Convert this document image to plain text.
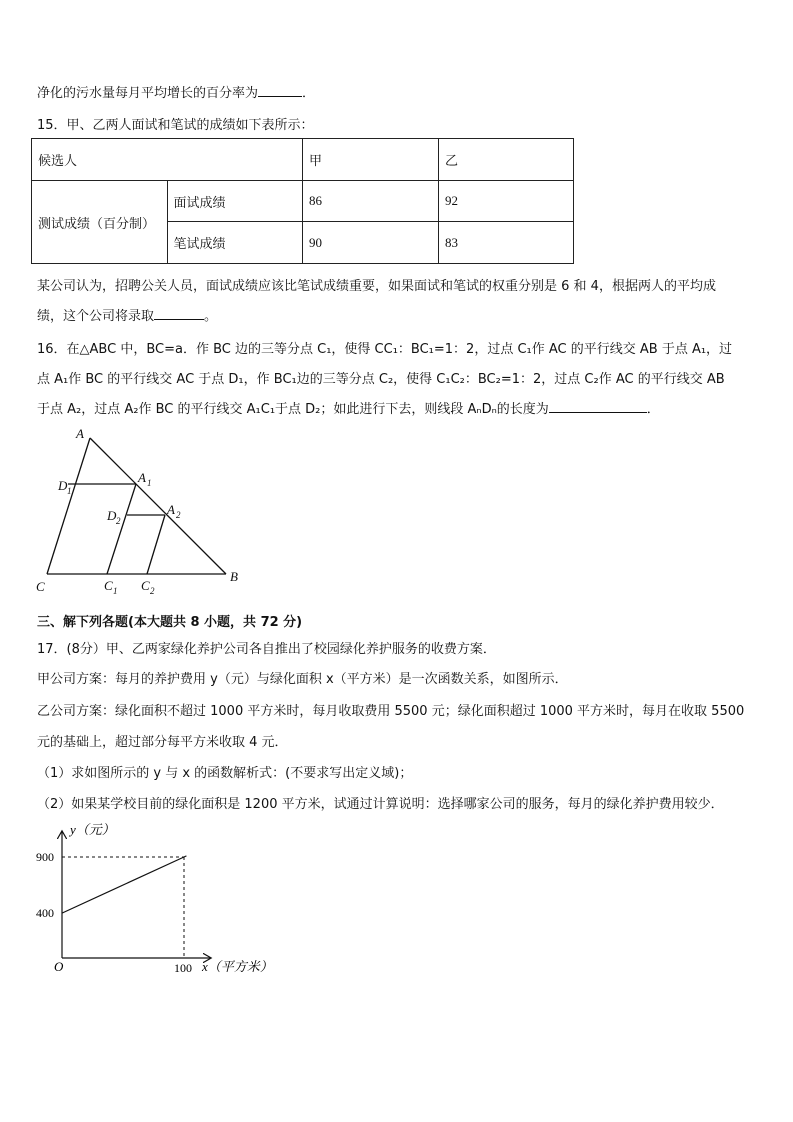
净化的污水量每月平均增长的百分率为	．
15．甲、乙两人面试和笔试的成绩如下表所示：
候选人		甲	乙
测试成绩（百分制）	面试成绩	86	92
	笔试成绩	90	83
某公司认为，招聘公关人员，面试成绩应该比笔试成绩重要，如果面试和笔试的权重分别是 6 和 4，根据两人的平均成
绩，这个公司将录取	。
16．在△ABC 中，BC=a．作 BC 边的三等分点 C₁，使得 CC₁：BC₁=1：2，过点 C₁作 AC 的平行线交 AB 于点 A₁，过
点 A₁作 BC 的平行线交 AC 于点 D₁，作 BC₁边的三等分点 C₂，使得 C₁C₂：BC₂=1：2，过点 C₂作 AC 的平行线交 AB
于点 A₂，过点 A₂作 BC 的平行线交 A₁C₁于点 D₂；如此进行下去，则线段 AₙDₙ的长度为	．
A
A 1
A 2
D 1
D 2
C	C 1 C 2
B
三、解下列各题(本大题共 8 小题，共 72 分)
17．(8分）甲、乙两家绿化养护公司各自推出了校园绿化养护服务的收费方案．
甲公司方案：每月的养护费用 y（元）与绿化面积 x（平方米）是一次函数关系，如图所示．
乙公司方案：绿化面积不超过 1000 平方米时，每月收取费用 5500 元；绿化面积超过 1000 平方米时，每月在收取 5500
元的基础上，超过部分每平方米收取 4 元．
（1）求如图所示的 y 与 x 的函数解析式：(不要求写出定义域)；
（2）如果某学校目前的绿化面积是 1200 平方米，试通过计算说明：选择哪家公司的服务，每月的绿化养护费用较少．
y（元）
x（平方米）
O
400
900
100
